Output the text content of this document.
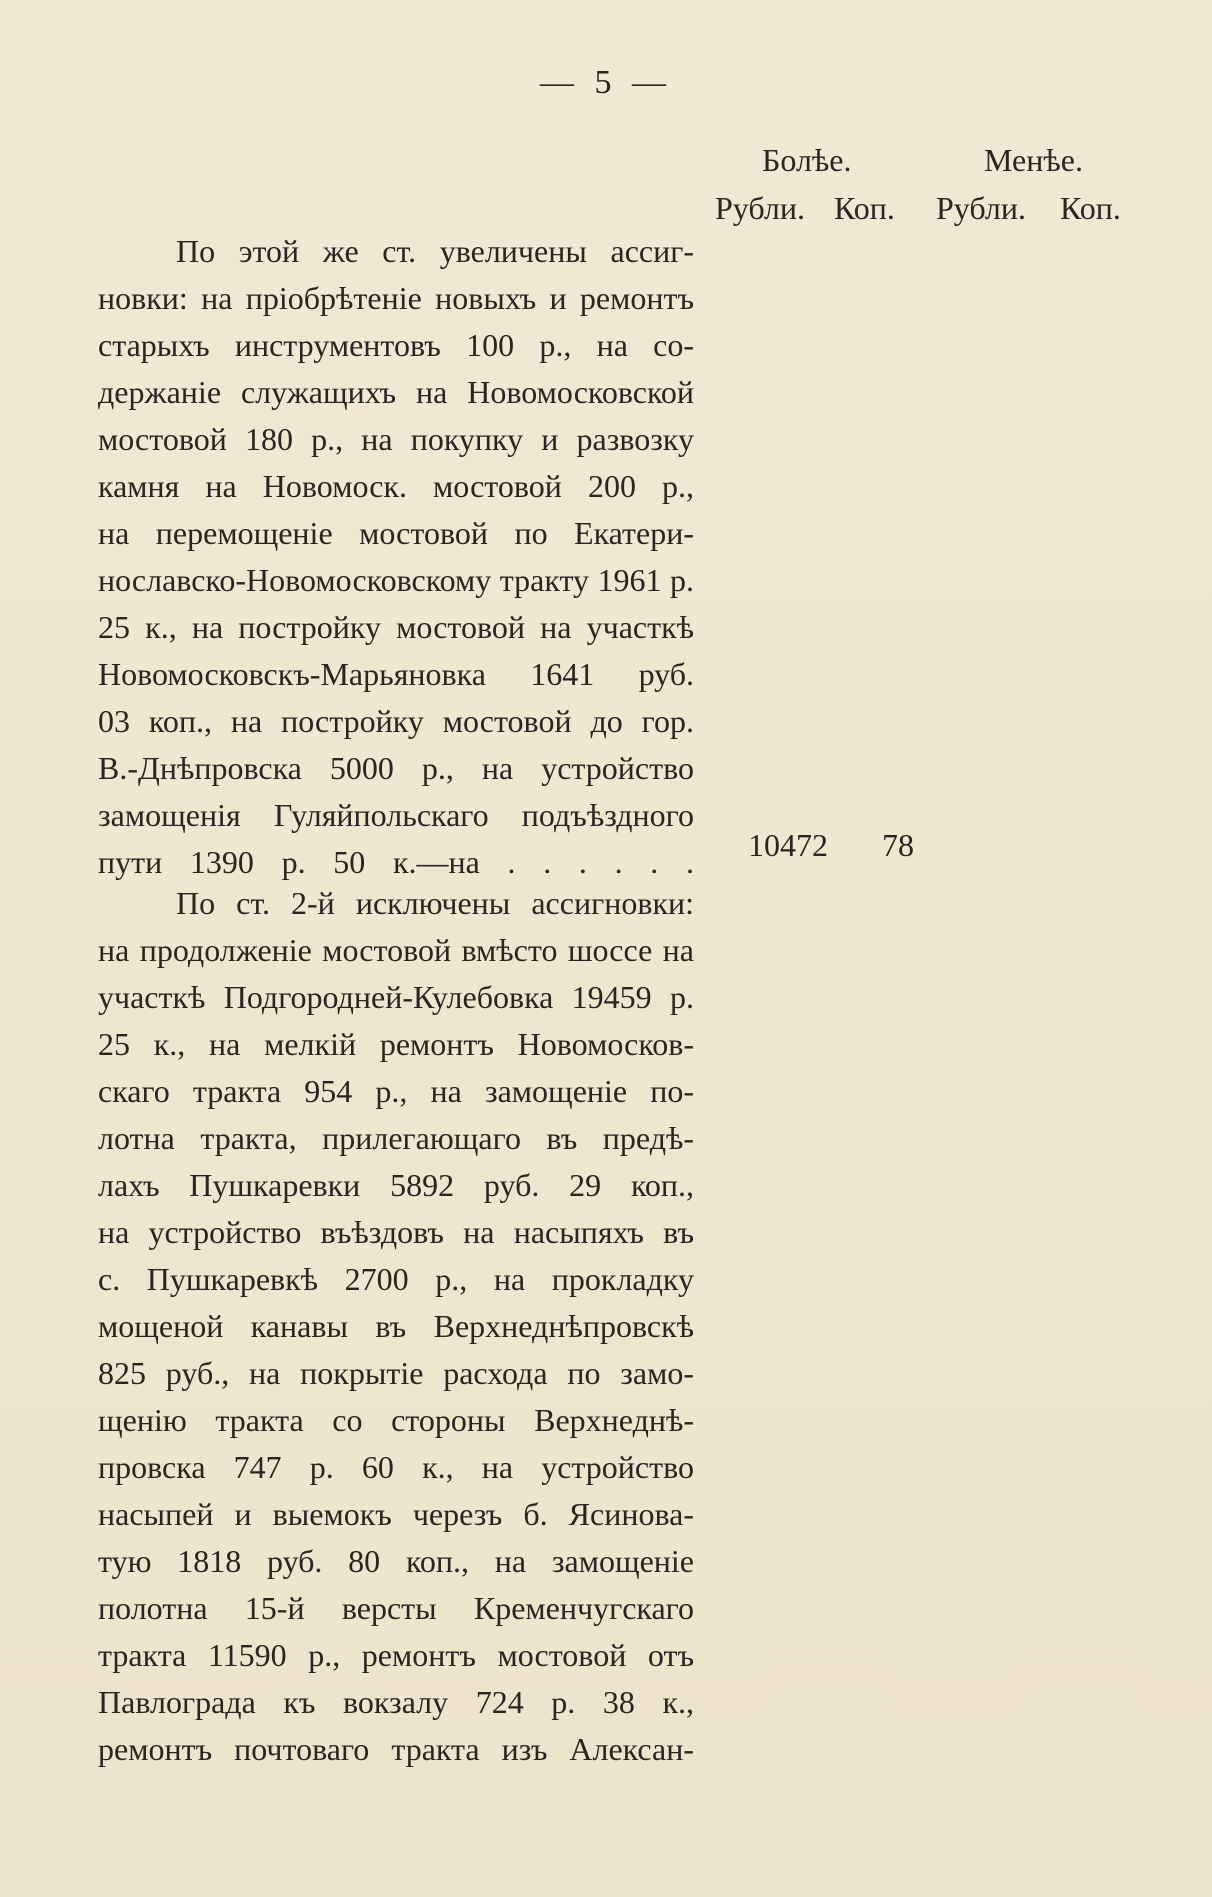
— 5 —
Болѣе.	Менѣе.
Рубли. Коп. Рубли. Коп.

По этой же ст. увеличены ассиг-
новки: на пріобрѣтеніе новыхъ и ремонтъ
старыхъ инструментовъ 100 р., на со-
держаніе служащихъ на Новомосковской
мостовой 180 р., на покупку и развозку
камня на Новомоск. мостовой 200 р.,
на перемощеніе мостовой по Екатери-
нославско-Новомосковскому тракту 1961 р.
25 к., на постройку мостовой на участкѣ
Новомосковскъ-Марьяновка 1641 руб.
03 коп., на постройку мостовой до гор.
В.-Днѣпровска 5000 р., на устройство
замощенія Гуляйпольскаго подъѣздного
пути 1390 р. 50 к.—на . . . . . . 10472 78

По ст. 2-й исключены ассигновки:
на продолженіе мостовой вмѣсто шоссе на
участкѣ Подгородней-Кулебовка 19459 р.
25 к., на мелкій ремонтъ Новомосков-
скаго тракта 954 р., на замощеніе по-
лотна тракта, прилегающаго въ предѣ-
лахъ Пушкаревки 5892 руб. 29 коп.,
на устройство въѣздовъ на насыпяхъ въ
с. Пушкаревкѣ 2700 р., на прокладку
мощеной канавы въ Верхнеднѣпровскѣ
825 руб., на покрытіе расхода по замо-
щенію тракта со стороны Верхнеднѣ-
провска 747 р. 60 к., на устройство
насыпей и выемокъ черезъ б. Ясинова-
тую 1818 руб. 80 коп., на замощеніе
полотна 15-й версты Кременчугскаго
тракта 11590 р., ремонтъ мостовой отъ
Павлограда къ вокзалу 724 р. 38 к.,
ремонтъ почтоваго тракта изъ Алексан-
